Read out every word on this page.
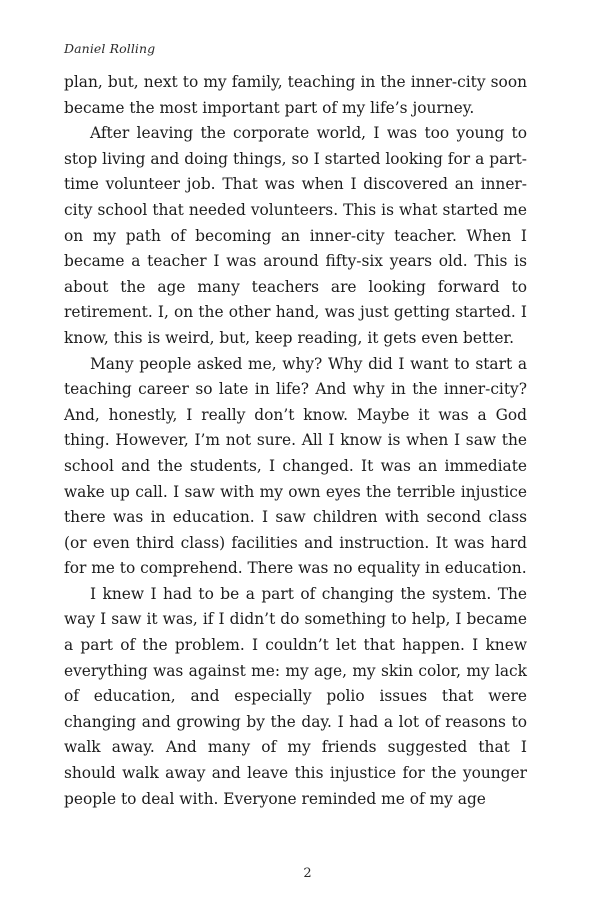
Daniel Rolling

plan, but, next to my family, teaching in the inner-city soon became the most important part of my life’s journey.

After leaving the corporate world, I was too young to stop living and doing things, so I started looking for a part-time volunteer job. That was when I discovered an inner-city school that needed volunteers. This is what started me on my path of becoming an inner-city teacher. When I became a teacher I was around fifty-six years old. This is about the age many teachers are looking forward to retirement. I, on the other hand, was just getting started. I know, this is weird, but, keep reading, it gets even better.

Many people asked me, why? Why did I want to start a teaching career so late in life? And why in the inner-city? And, honestly, I really don’t know. Maybe it was a God thing. However, I’m not sure. All I know is when I saw the school and the students, I changed. It was an immediate wake up call. I saw with my own eyes the terrible injustice there was in education. I saw children with second class (or even third class) facilities and instruction. It was hard for me to comprehend. There was no equality in education.

I knew I had to be a part of changing the system. The way I saw it was, if I didn’t do something to help, I became a part of the problem. I couldn’t let that happen. I knew everything was against me: my age, my skin color, my lack of education, and especially polio issues that were changing and growing by the day. I had a lot of reasons to walk away. And many of my friends suggested that I should walk away and leave this injustice for the younger people to deal with. Everyone reminded me of my age

2
